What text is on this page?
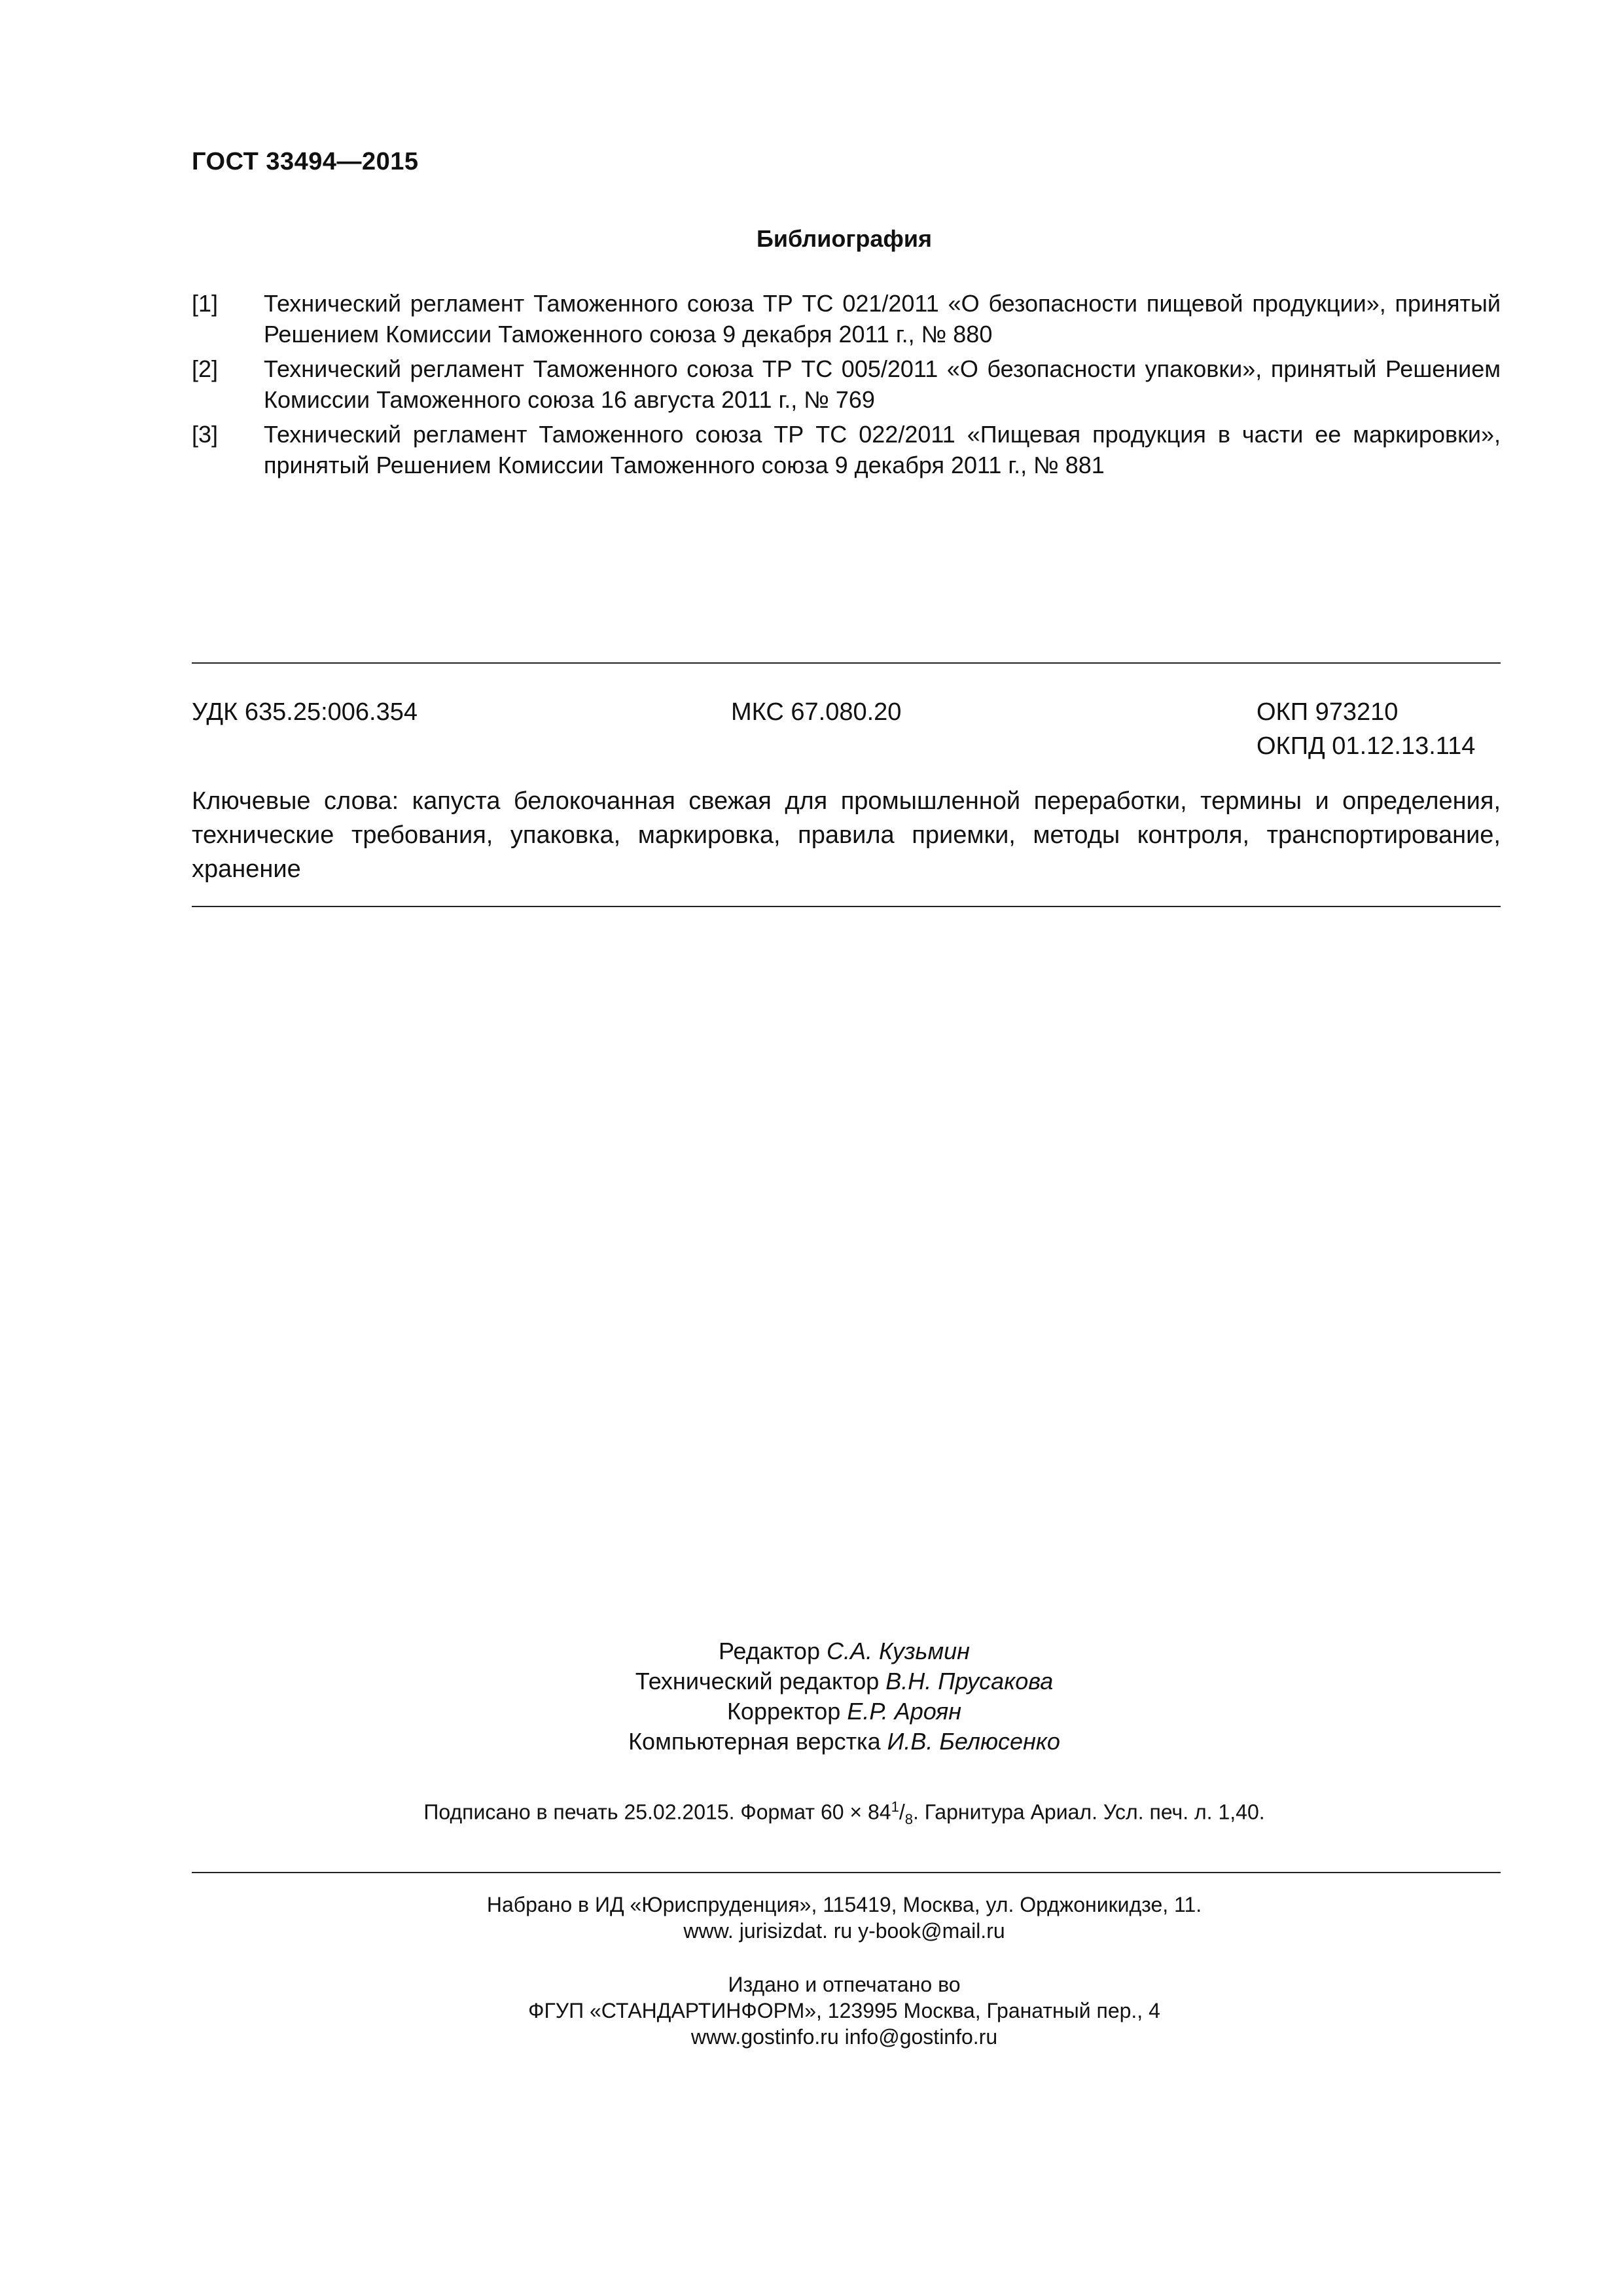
ГОСТ 33494—2015
Библиография
[1]	Технический регламент Таможенного союза ТР ТС 021/2011 «О безопасности пищевой продукции», принятый Решением Комиссии Таможенного союза 9 декабря 2011 г., № 880
[2]	Технический регламент Таможенного союза ТР ТС 005/2011 «О безопасности упаковки», принятый Решением Комиссии Таможенного союза 16 августа 2011 г., № 769
[3]	Технический регламент Таможенного союза ТР ТС 022/2011 «Пищевая продукция в части ее маркировки», принятый Решением Комиссии Таможенного союза 9 декабря 2011 г., № 881
УДК 635.25:006.354	МКС 67.080.20	ОКП 973210
ОКПД 01.12.13.114
Ключевые слова: капуста белокочанная свежая для промышленной переработки, термины и определения, технические требования, упаковка, маркировка, правила приемки, методы контроля, транспортирование, хранение
Редактор С.А. Кузьмин
Технический редактор В.Н. Прусакова
Корректор Е.Р. Ароян
Компьютерная верстка И.В. Белюсенко
Подписано в печать 25.02.2015. Формат $60 \times 84^1/_8$. Гарнитура Ариал. Усл. печ. л. 1,40.
Набрано в ИД «Юриспруденция», 115419, Москва, ул. Орджоникидзе, 11.
www. jurisizdat. ru y-book@mail.ru
Издано и отпечатано во
ФГУП «СТАНДАРТИНФОРМ», 123995 Москва, Гранатный пер., 4
www.gostinfo.ru info@gostinfo.ru
